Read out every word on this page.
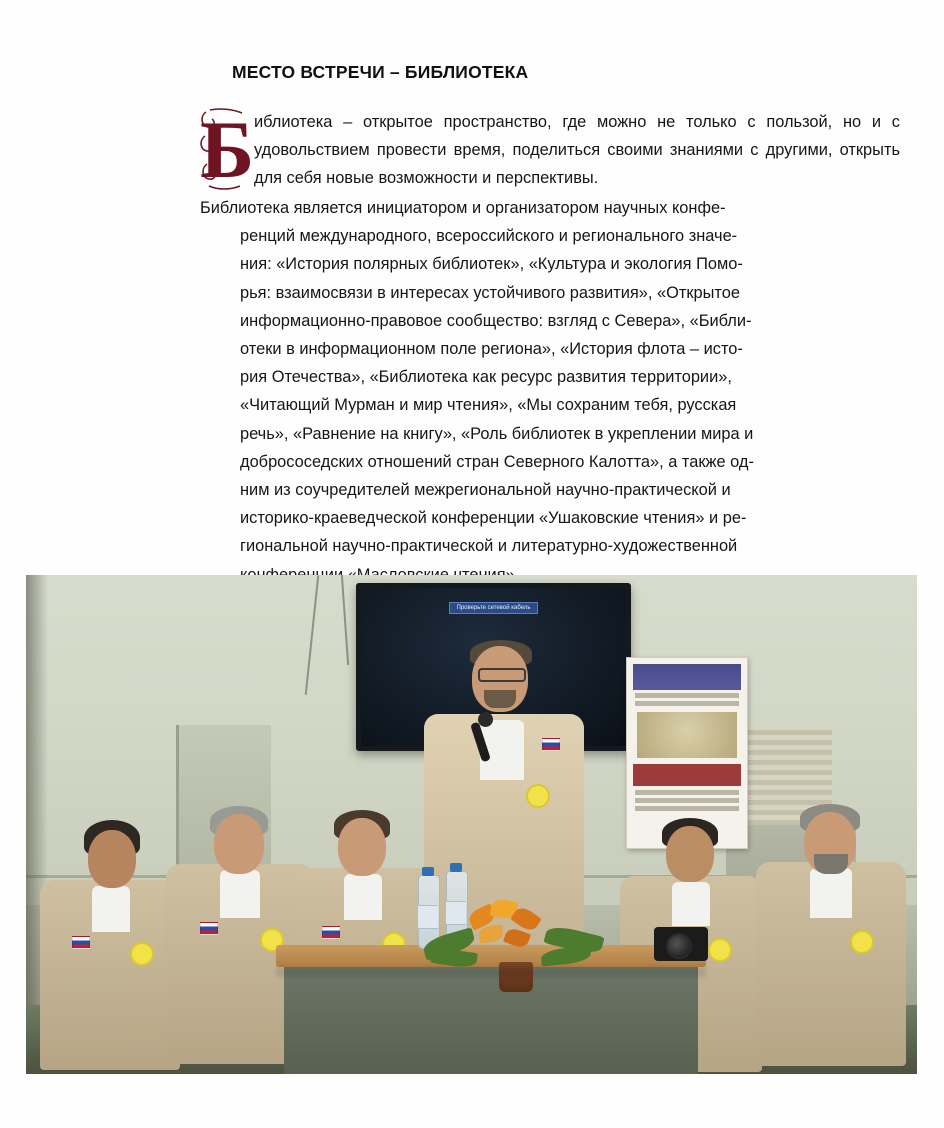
МЕСТО ВСТРЕЧИ – БИБЛИОТЕКА
Б иблиотека – открытое пространство, где можно не только с пользой, но и с удовольствием провести время, поделиться своими знаниями с другими, открыть для себя новые возможности и перспективы.
Библиотека является инициатором и организатором научных конфе-
ренций международного, всероссийского и регионального значе-
ния: «История полярных библиотек», «Культура и экология Помо-
рья: взаимосвязи в интересах устойчивого развития», «Открытое
информационно-правовое сообщество: взгляд с Севера», «Библи-
отеки в информационном поле региона», «История флота – исто-
рия Отечества», «Библиотека как ресурс развития территории»,
«Читающий Мурман и мир чтения», «Мы сохраним тебя, русская
речь», «Равнение на книгу», «Роль библиотек в укреплении мира и
добрососедских отношений стран Северного Калотта», а также од-
ним из соучредителей межрегиональной научно-практической и
историко-краеведческой конференции «Ушаковские чтения» и ре-
гиональной научно-практической и литературно-художественной
Проверьте сетевой кабель
